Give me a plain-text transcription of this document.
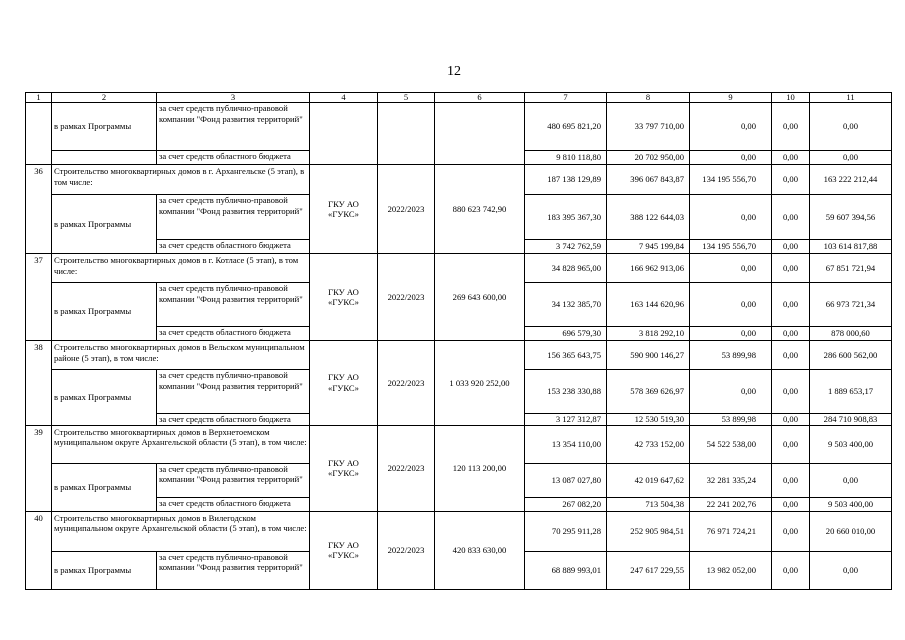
12
1	2	3	4	5	6	7	8	9	10	11
	в рамках Программы	за счет средств публично-правовой компании "Фонд развития территорий"				480 695 821,20	33 797 710,00	0,00	0,00	0,00
		за счет средств областного бюджета				9 810 118,80	20 702 950,00	0,00	0,00	0,00
36	Строительство многоквартирных домов в г. Архангельске (5 этап), в том числе:		ГКУ АО «ГУКС»	2022/2023	880 623 742,90	187 138 129,89	396 067 843,87	134 195 556,70	0,00	163 222 212,44
	в рамках Программы	за счет средств публично-правовой компании "Фонд развития территорий"				183 395 367,30	388 122 644,03	0,00	0,00	59 607 394,56
		за счет средств областного бюджета				3 742 762,59	7 945 199,84	134 195 556,70	0,00	103 614 817,88
37	Строительство многоквартирных домов в г. Котласе (5 этап), в том числе:		ГКУ АО «ГУКС»	2022/2023	269 643 600,00	34 828 965,00	166 962 913,06	0,00	0,00	67 851 721,94
	в рамках Программы	за счет средств публично-правовой компании "Фонд развития территорий"				34 132 385,70	163 144 620,96	0,00	0,00	66 973 721,34
		за счет средств областного бюджета				696 579,30	3 818 292,10	0,00	0,00	878 000,60
38	Строительство многоквартирных домов в Вельском муниципальном районе (5 этап), в том числе:		ГКУ АО «ГУКС»	2022/2023	1 033 920 252,00	156 365 643,75	590 900 146,27	53 899,98	0,00	286 600 562,00
	в рамках Программы	за счет средств публично-правовой компании "Фонд развития территорий"				153 238 330,88	578 369 626,97	0,00	0,00	1 889 653,17
		за счет средств областного бюджета				3 127 312,87	12 530 519,30	53 899,98	0,00	284 710 908,83
39	Строительство многоквартирных домов в Верхнетоемском муниципальном округе Архангельской области (5 этап), в том числе:		ГКУ АО «ГУКС»	2022/2023	120 113 200,00	13 354 110,00	42 733 152,00	54 522 538,00	0,00	9 503 400,00
	в рамках Программы	за счет средств публично-правовой компании "Фонд развития территорий"				13 087 027,80	42 019 647,62	32 281 335,24	0,00	0,00
		за счет средств областного бюджета				267 082,20	713 504,38	22 241 202,76	0,00	9 503 400,00
40	Строительство многоквартирных домов в Вилегодском муниципальном округе Архангельской области (5 этап), в том числе:		ГКУ АО «ГУКС»	2022/2023	420 833 630,00	70 295 911,28	252 905 984,51	76 971 724,21	0,00	20 660 010,00
	в рамках Программы	за счет средств публично-правовой компании "Фонд развития территорий"				68 889 993,01	247 617 229,55	13 982 052,00	0,00	0,00
